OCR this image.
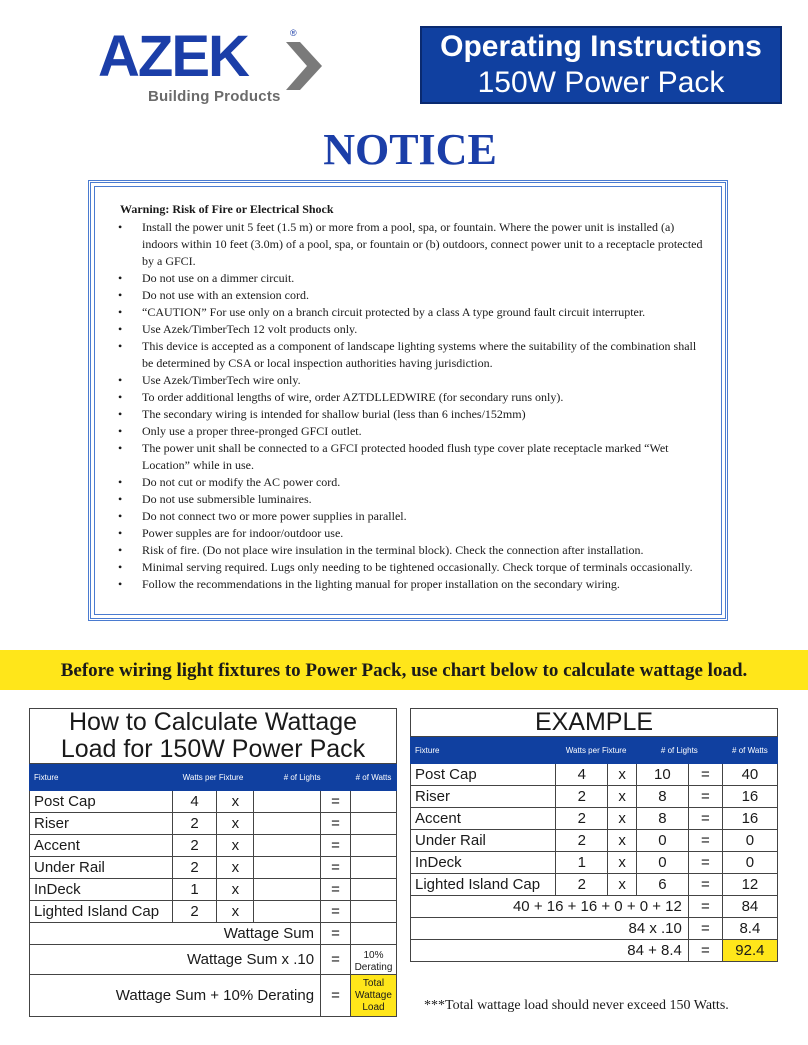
AZEK	®
Building Products
Operating Instructions
150W Power Pack
NOTICE
Warning: Risk of Fire or Electrical Shock
• Install the power unit 5 feet (1.5 m) or more from a pool, spa, or fountain. Where the power unit is installed (a) indoors within 10 feet (3.0m) of a pool, spa, or fountain or (b) outdoors, connect power unit to a receptacle protected by a GFCI.
• Do not use on a dimmer circuit.
• Do not use with an extension cord.
• “CAUTION” For use only on a branch circuit protected by a class A type ground fault circuit interrupter.
• Use Azek/TimberTech 12 volt products only.
• This device is accepted as a component of landscape lighting systems where the suitability of the combination shall be determined by CSA or local inspection authorities having jurisdiction.
• Use Azek/TimberTech wire only.
• To order additional lengths of wire, order AZTDLLEDWIRE (for secondary runs only).
• The secondary wiring is intended for shallow burial (less than 6 inches/152mm)
• Only use a proper three-pronged GFCI outlet.
• The power unit shall be connected to a GFCI protected hooded flush type cover plate receptacle marked “Wet Location” while in use.
• Do not cut or modify the AC power cord.
• Do not use submersible luminaires.
• Do not connect two or more power supplies in parallel.
• Power supples are for indoor/outdoor use.
• Risk of fire. (Do not place wire insulation in the terminal block). Check the connection after installation.
• Minimal serving required. Lugs only needing to be tightened occasionally. Check torque of terminals occasionally.
• Follow the recommendations in the lighting manual for proper installation on the secondary wiring.
Before wiring light fixtures to Power Pack, use chart below to calculate wattage load.
How to Calculate Wattage
Load for 150W Power Pack					
Fixture	Watts per Fixture		# of Lights		# of Watts
Post Cap	4	x		=	
Riser	2	x		=	
Accent	2	x		=	
Under Rail	2	x		=	
InDeck	1	x		=	
Lighted Island Cap	2	x		=	
Wattage Sum				=	
Wattage Sum x .10				=	10% Derating
Wattage Sum + 10% Derating				=	Total Wattage Load
EXAMPLE					
Fixture	Watts per Fixture		# of Lights		# of Watts
Post Cap	4	x	10	=	40
Riser	2	x	8	=	16
Accent	2	x	8	=	16
Under Rail	2	x	0	=	0
InDeck	1	x	0	=	0
Lighted Island Cap	2	x	6	=	12
40 + 16 + 16 + 0 + 0 + 12				=	84
84 x .10				=	8.4
84 + 8.4				=	92.4
***Total wattage load should never exceed 150 Watts.
